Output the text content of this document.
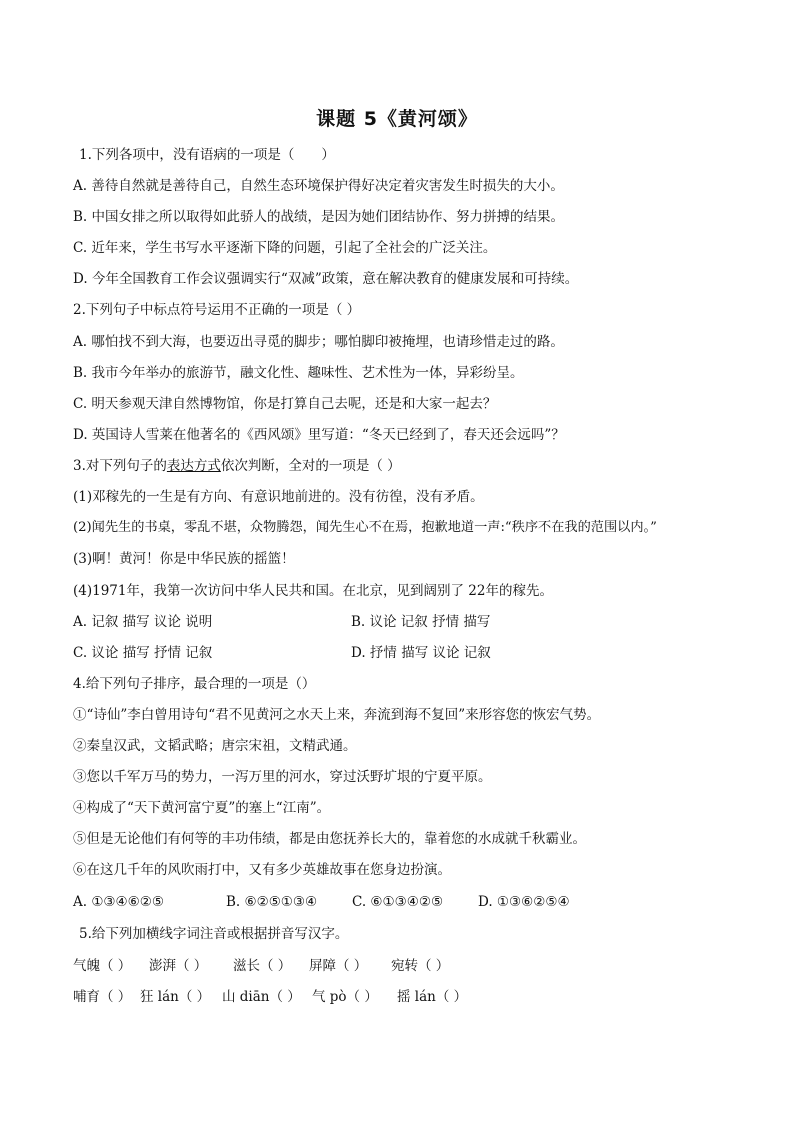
课题 5《黄河颂》
1.下列各项中，没有语病的一项是（　　）
A. 善待自然就是善待自己，自然生态环境保护得好决定着灾害发生时损失的大小。
B. 中国女排之所以取得如此骄人的战绩，是因为她们团结协作、努力拼搏的结果。
C. 近年来，学生书写水平逐渐下降的问题，引起了全社会的广泛关注。
D. 今年全国教育工作会议强调实行“双减”政策，意在解决教育的健康发展和可持续。
2.下列句子中标点符号运用不正确的一项是（ ）
A. 哪怕找不到大海，也要迈出寻觅的脚步；哪怕脚印被掩埋，也请珍惜走过的路。
B. 我市今年举办的旅游节，融文化性、趣味性、艺术性为一体，异彩纷呈。
C. 明天参观天津自然博物馆，你是打算自己去呢，还是和大家一起去？
D. 英国诗人雪莱在他著名的《西风颂》里写道：“冬天已经到了，春天还会远吗”？
3.对下列句子的表达方式依次判断，全对的一项是（ ）
(1)邓稼先的一生是有方向、有意识地前进的。没有彷徨，没有矛盾。
(2)闻先生的书桌，零乱不堪，众物腾怨，闻先生心不在焉，抱歉地道一声:“秩序不在我的范围以内。”
(3)啊！黄河！你是中华民族的摇篮！
(4)1971年，我第一次访问中华人民共和国。在北京，见到阔别了 22年的稼先。
A. 记叙 描写 议论 说明	B. 议论 记叙 抒情 描写
C. 议论 描写 抒情 记叙	D. 抒情 描写 议论 记叙
4.给下列句子排序，最合理的一项是（）
①“诗仙”李白曾用诗句“君不见黄河之水天上来，奔流到海不复回”来形容您的恢宏气势。
②秦皇汉武，文韬武略；唐宗宋祖，文精武通。
③您以千军万马的势力，一泻万里的河水，穿过沃野圹垠的宁夏平原。
④构成了“天下黄河富宁夏”的塞上“江南”。
⑤但是无论他们有何等的丰功伟绩，都是由您抚养长大的，靠着您的水成就千秋霸业。
⑥在这几千年的风吹雨打中，又有多少英雄故事在您身边扮演。
A. ①③④⑥②⑤	B. ⑥②⑤①③④	C. ⑥①③④②⑤	D. ①③⑥②⑤④
5.给下列加横线字词注音或根据拼音写汉字。
气魄（ ） 澎湃（ ） 滋长（ ） 屏障（ ） 宛转（ ）
哺育（ ） 狂 lán（ ） 山 diān（ ） 气 pò（ ） 摇 lán（ ）
